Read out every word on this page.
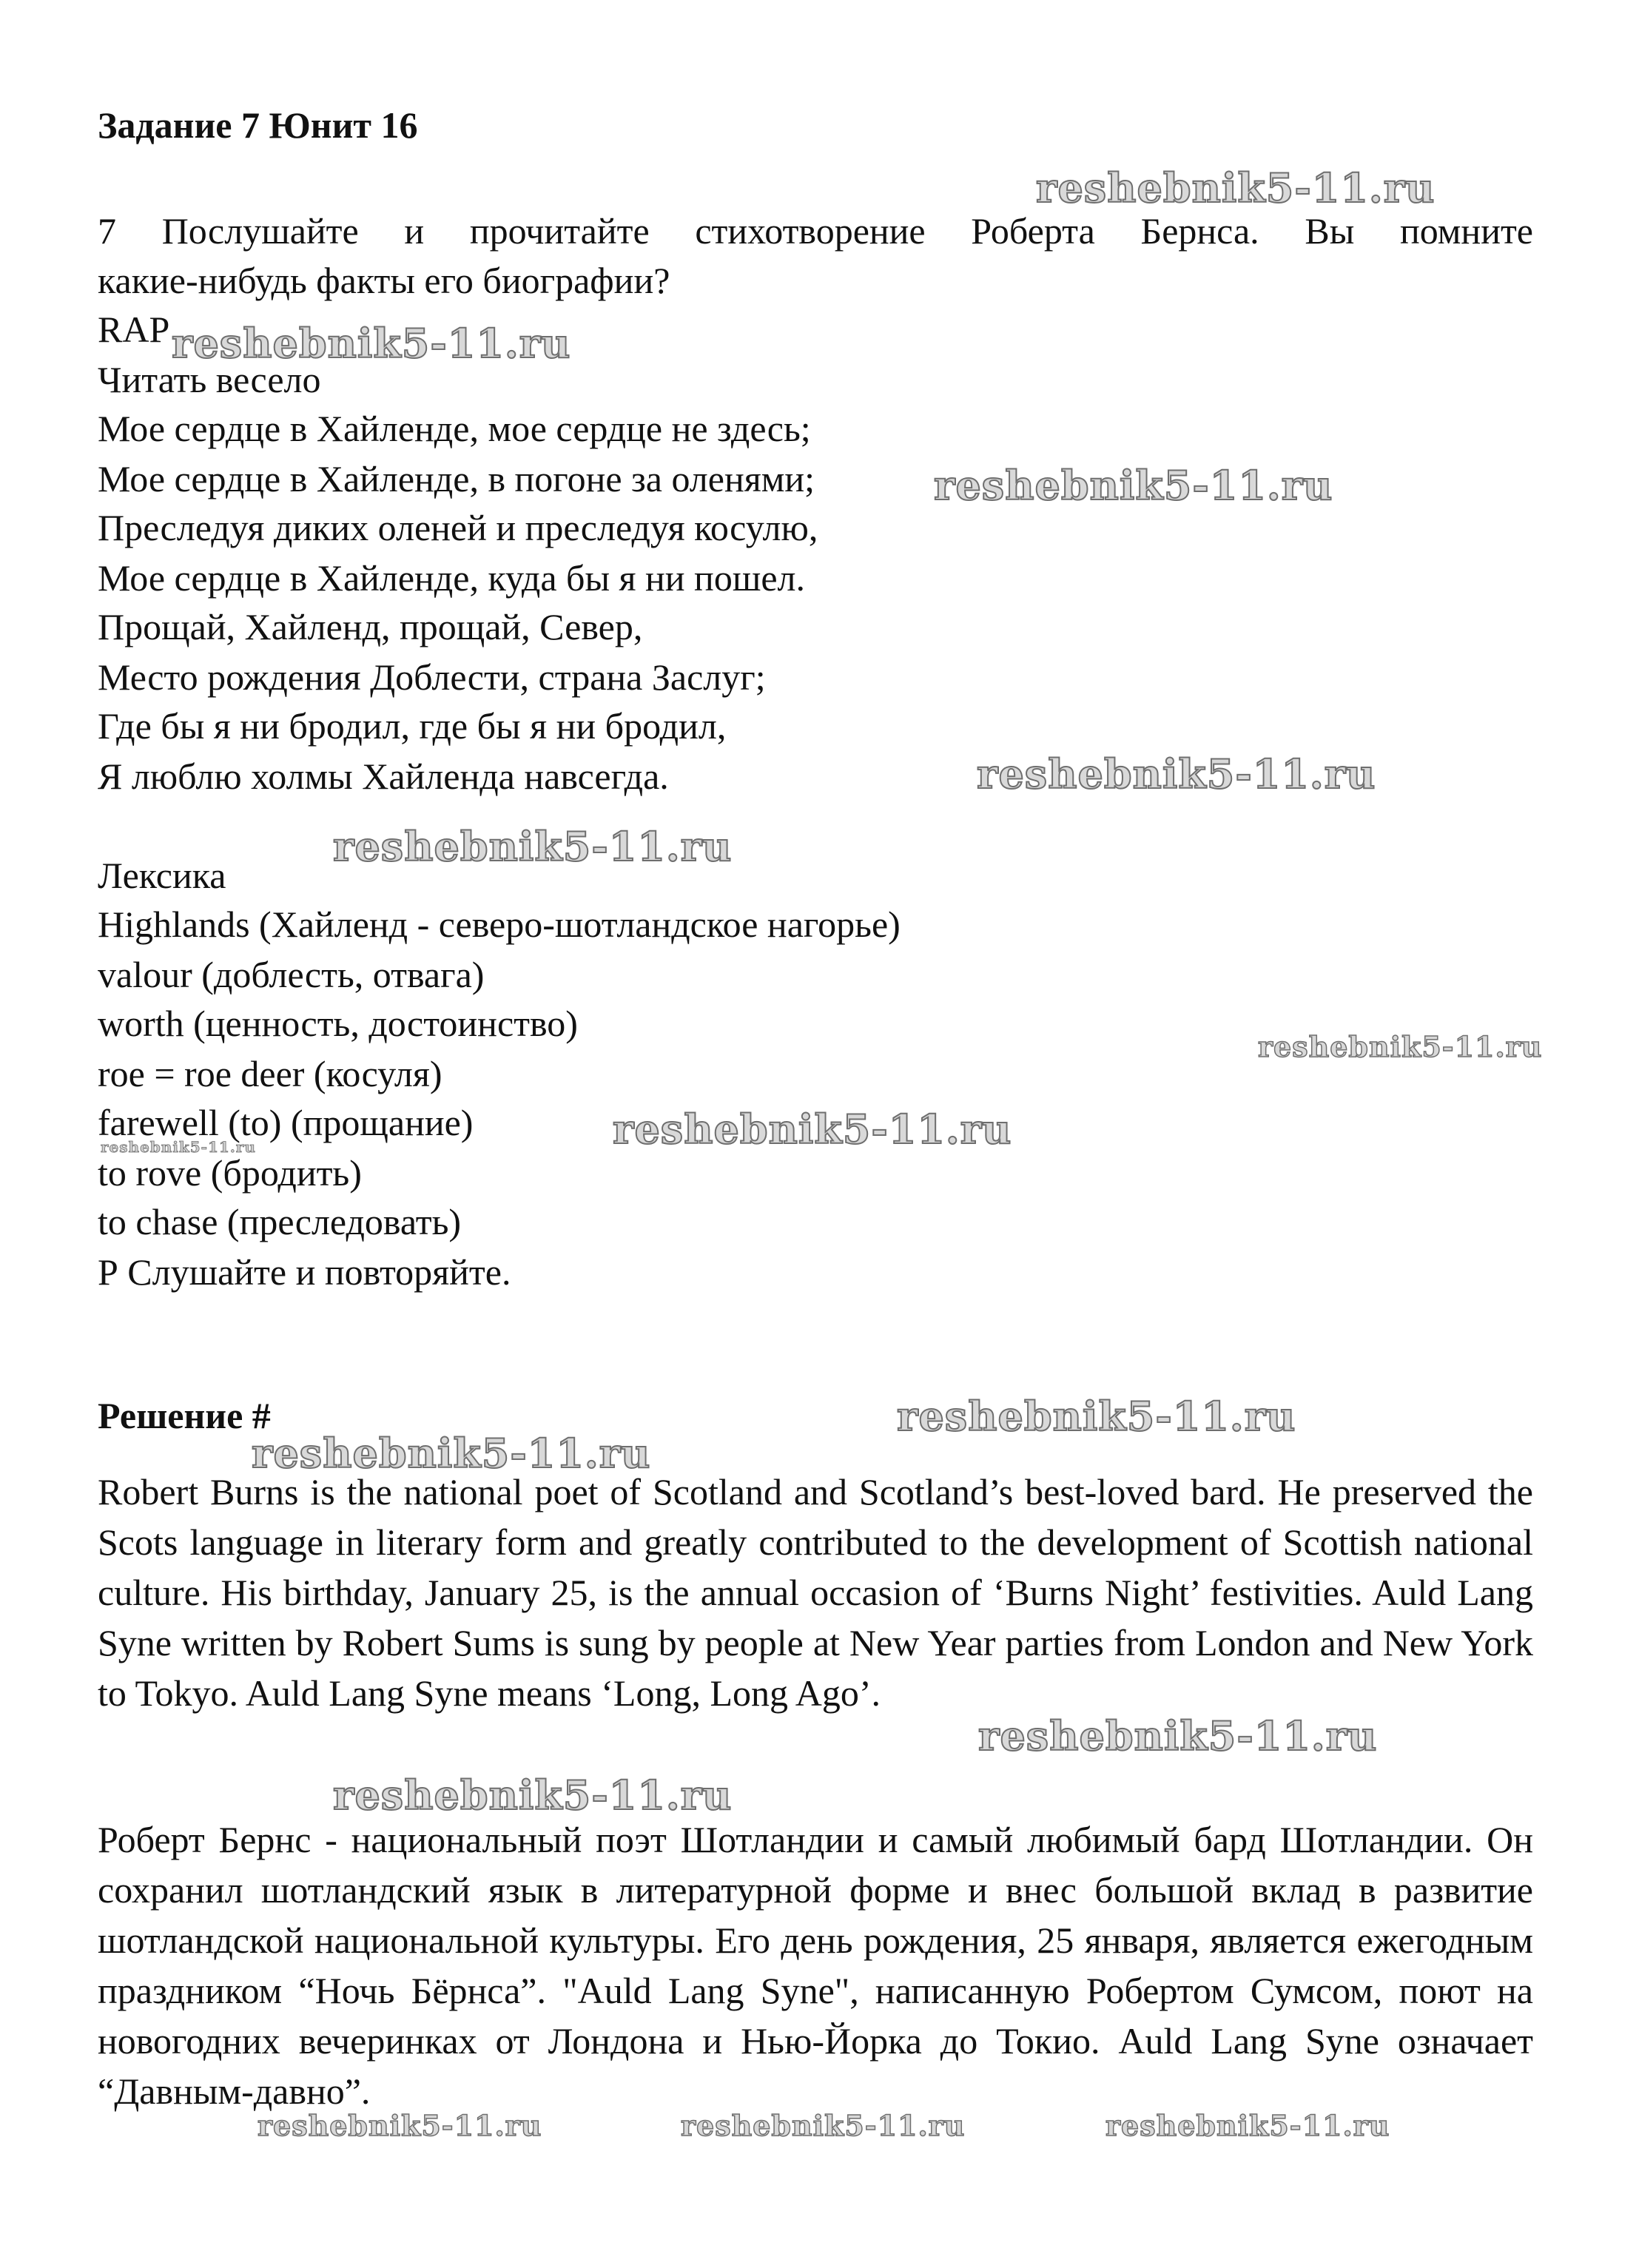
Задание 7 Юнит 16
7 Послушайте и прочитайте стихотворение Роберта Бернса. Вы помните
какие-нибудь факты его биографии?
RAP
Читать весело
Мое сердце в Хайленде, мое сердце не здесь;
Мое сердце в Хайленде, в погоне за оленями;
Преследуя диких оленей и преследуя косулю,
Мое сердце в Хайленде, куда бы я ни пошел.
Прощай, Хайленд, прощай, Север,
Место рождения Доблести, страна Заслуг;
Где бы я ни бродил, где бы я ни бродил,
Я люблю холмы Хайленда навсегда.
Лексика
Highlands (Хайленд - северо-шотландское нагорье)
valour (доблесть, отвага)
worth (ценность, достоинство)
roe = roe deer (косуля)
farewell (to) (прощание)
to rove (бродить)
to chase (преследовать)
Р Слушайте и повторяйте.
Решение #
Robert Burns is the national poet of Scotland and Scotland’s best-loved bard. He preserved the Scots language in literary form and greatly contributed to the development of Scottish national culture. His birthday, January 25, is the annual occasion of ‘Burns Night’ festivities. Auld Lang Syne written by Robert Sums is sung by people at New Year parties from London and New York to Tokyo. Auld Lang Syne means ‘Long, Long Ago’.
Роберт Бернс - национальный поэт Шотландии и самый любимый бард Шотландии. Он сохранил шотландский язык в литературной форме и внес большой вклад в развитие шотландской национальной культуры. Его день рождения, 25 января, является ежегодным праздником “Ночь Бёрнса”. "Auld Lang Syne", написанную Робертом Сумсом, поют на новогодних вечеринках от Лондона и Нью-Йорка до Токио. Auld Lang Syne означает “Давным-давно”.
reshebnik5-11.ru
reshebnik5-11.ru
reshebnik5-11.ru
reshebnik5-11.ru
reshebnik5-11.ru
reshebnik5-11.ru
reshebnik5-11.ru
reshebnik5-11.ru
reshebnik5-11.ru
reshebnik5-11.ru
reshebnik5-11.ru
reshebnik5-11.ru
reshebnik5-11.ru	reshebnik5-11.ru	reshebnik5-11.ru
